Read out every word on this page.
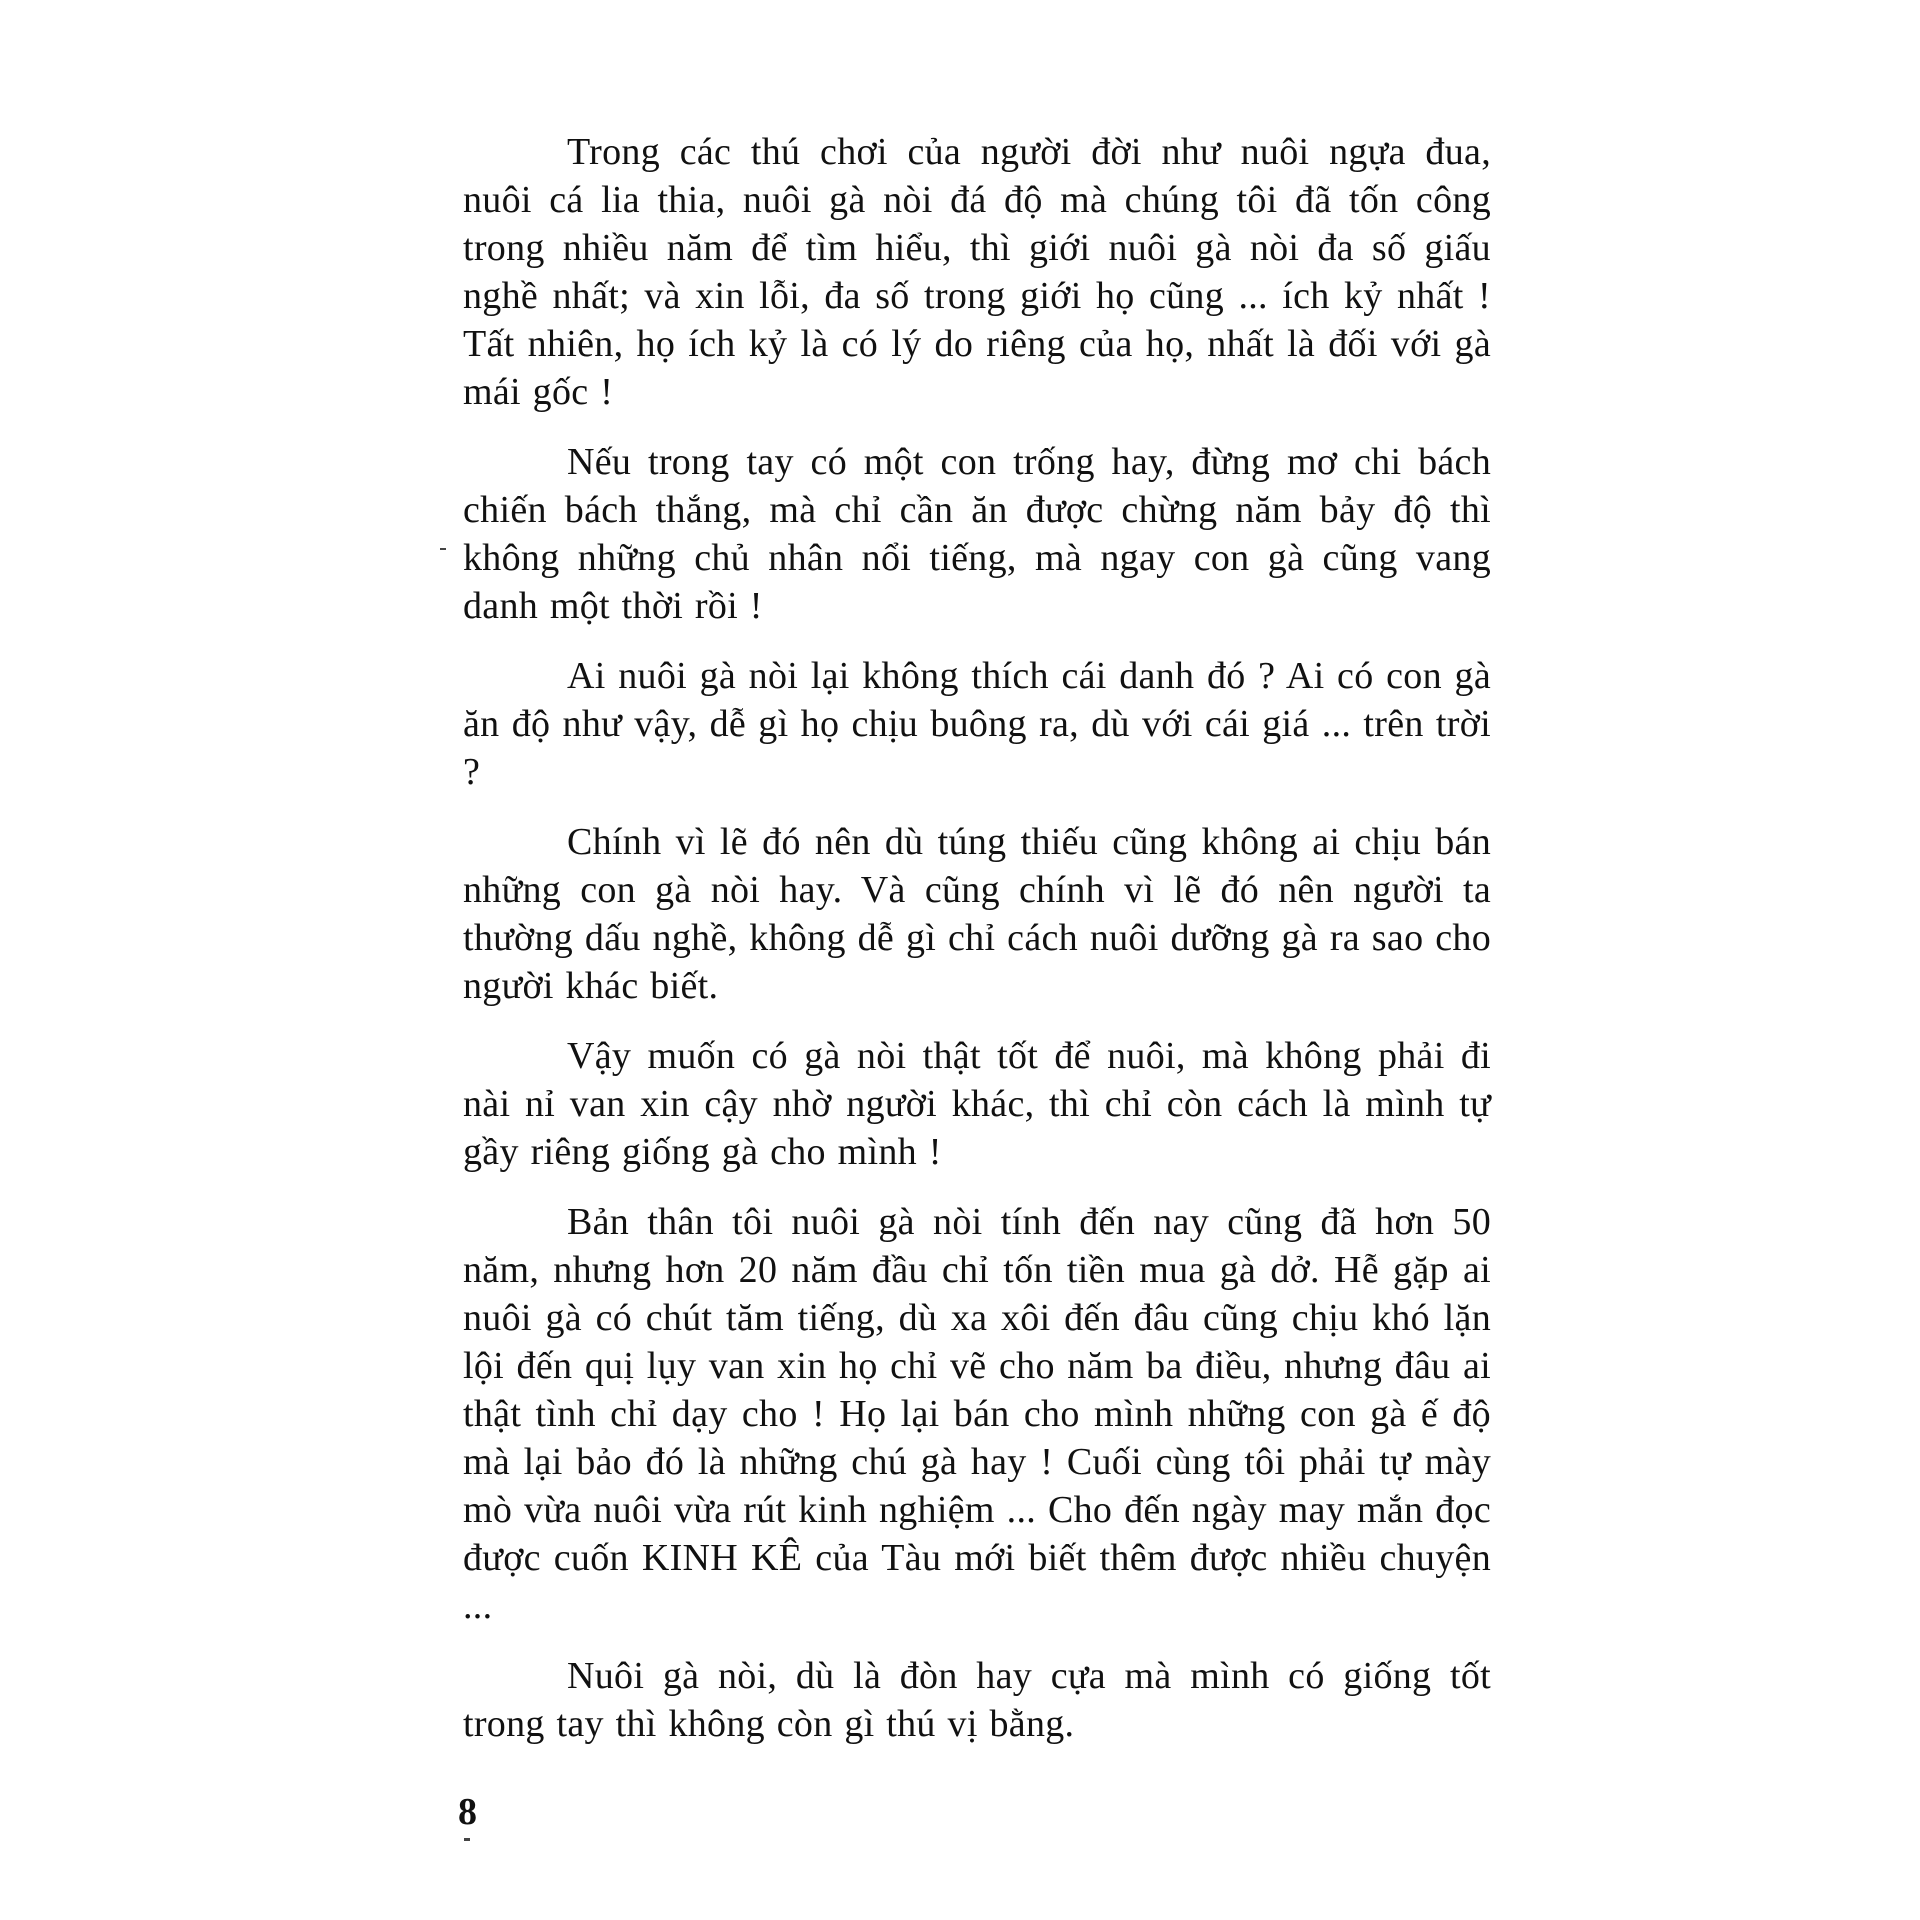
Trong các thú chơi của người đời như nuôi ngựa đua, nuôi cá lia thia, nuôi gà nòi đá độ mà chúng tôi đã tốn công trong nhiều năm để tìm hiểu, thì giới nuôi gà nòi đa số giấu nghề nhất; và xin lỗi, đa số trong giới họ cũng ... ích kỷ nhất ! Tất nhiên, họ ích kỷ là có lý do riêng của họ, nhất là đối với gà mái gốc !

Nếu trong tay có một con trống hay, đừng mơ chi bách chiến bách thắng, mà chỉ cần ăn được chừng năm bảy độ thì không những chủ nhân nổi tiếng, mà ngay con gà cũng vang danh một thời rồi !

Ai nuôi gà nòi lại không thích cái danh đó ? Ai có con gà ăn độ như vậy, dễ gì họ chịu buông ra, dù với cái giá ... trên trời ?

Chính vì lẽ đó nên dù túng thiếu cũng không ai chịu bán những con gà nòi hay. Và cũng chính vì lẽ đó nên người ta thường dấu nghề, không dễ gì chỉ cách nuôi dưỡng gà ra sao cho người khác biết.

Vậy muốn có gà nòi thật tốt để nuôi, mà không phải đi nài nỉ van xin cậy nhờ người khác, thì chỉ còn cách là mình tự gầy riêng giống gà cho mình !

Bản thân tôi nuôi gà nòi tính đến nay cũng đã hơn 50 năm, nhưng hơn 20 năm đầu chỉ tốn tiền mua gà dở. Hễ gặp ai nuôi gà có chút tăm tiếng, dù xa xôi đến đâu cũng chịu khó lặn lội đến quị lụy van xin họ chỉ vẽ cho năm ba điều, nhưng đâu ai thật tình chỉ dạy cho ! Họ lại bán cho mình những con gà ế độ mà lại bảo đó là những chú gà hay ! Cuối cùng tôi phải tự mày mò vừa nuôi vừa rút kinh nghiệm ... Cho đến ngày may mắn đọc được cuốn KINH KÊ của Tàu mới biết thêm được nhiều chuyện ...

Nuôi gà nòi, dù là đòn hay cựa mà mình có giống tốt trong tay thì không còn gì thú vị bằng.

8
